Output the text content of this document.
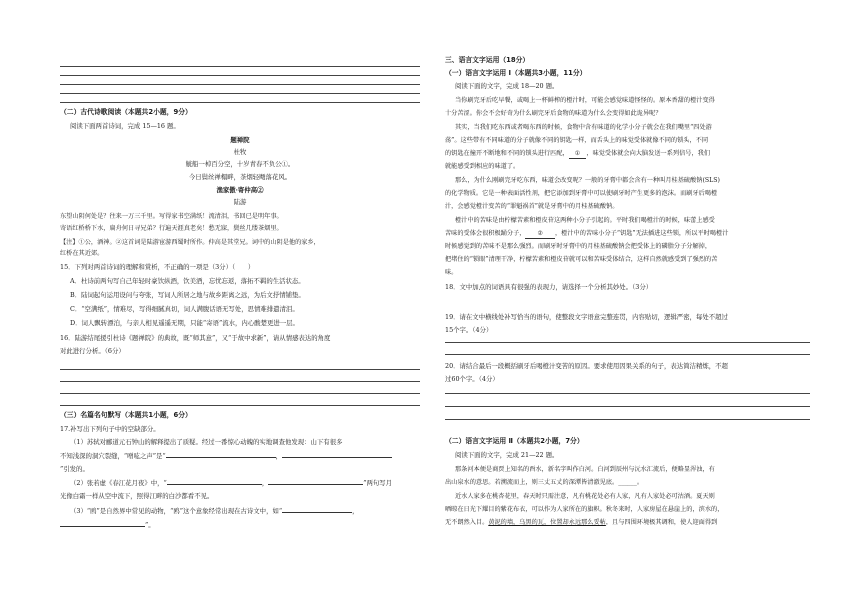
（二）古代诗歌阅读（本题共2小题，9分）
阅读下面两首诗词，完成 15—16 题。
题禅院
杜牧
觥船一棹百分空，十岁青春不负公①。
今日鬓丝禅榻畔，茶烟轻飏落花风。
渔家傲·寄仲高②
陆游
东望山阴何处是？往来一万三千里。写得家书空满纸！流清泪，书回已是明年事。
寄语红桥桥下水，扁舟何日寻兄弟？行遍天涯真老矣！愁无寐，鬓丝几缕茶烟里。
【注】①公，酒神。②这首词是陆游宦游西蜀时所作。仲高是其堂兄。词中的山阴是他的家乡，
红桥在其近郊。
15．下列对两首诗词的理解和赏析，不正确的一项是（3分）（　　）
A．杜诗前两句写自己年轻时豪饮纵酒，饮美酒，忘忧忘返，落拓不羁的生活状态。
B．陆词起句运用设问与夸张，写词人所居之地与故乡距离之远，为后文抒情铺垫。
C．“空满纸”，情难尽，写得细腻真切，词人满腹话语无写处，思情难排遣清泪。
D．词人飘转漂泊，与亲人相见遥遥无期，只能“寄语”流水，内心酸楚更进一层。
16．陆游结尾援引杜诗《题禅院》的典故，既“师其意”，又“于故中求新”，请从情感表达的角度
对此进行分析。（6分）
（三）名篇名句默写（本题共1小题，6分）
17.补写出下列句子中的空缺部分。
（1）苏轼对郦道元石钟山的解释提出了质疑。经过一番惊心动魄的实地调查他发现：山下有很多
不知浅深的洞穴裂缝，“噌吰之声”是“	，
”引发的。
（2）张若虚《春江花月夜》中，“	，	”两句写月
光像白霜一样从空中流下，照得江畔的白沙都看不见。
（3）“鸥”是自然界中常见的动物，“鸥”这个意象经常出现在古诗文中，如“	，
”。
三、语言文字运用（18分）
（一）语言文字运用 Ⅰ（本题共3小题，11分）
阅读下面的文字，完成 18—20 题。
当你刷完牙后吃早餐，或喝上一杯鲜榨的橙汁时，可能会感觉味道怪怪的。原本香甜的橙汁变得
十分苦涩。你会不会好奇为什么刷完牙后食物的味道为什么会变得如此诡异呢？
其实，当我们吃东西或者喝东西的时候，食物中含有味道的化学小分子就会在我们嘴里“四处游
荡”。这些带有不同味道的分子就像不同的钥匙一样，而舌头上的味觉受体就像不同的锁头，不同
的钥匙在撞开不断地和不同的锁头进行匹配， ① ，味觉受体就会向大脑发送一系列信号，我们
就能感受到相应的味道了。
那么，为什么刚刷完牙吃东西，味道会改变呢？一般的牙膏中都会含有一种叫月桂基硫酸钠(SLS)
的化学物质。它是一种表面活性剂，把它添加到牙膏中可以使刷牙时产生更多的泡沫。而刷牙后喝橙
汁，会感觉橙汁变苦的“罪魁祸首”就是牙膏中的月桂基硫酸钠。
橙汁中的苦味是由柠檬苦素和橙皮苷这两种小分子引起的。平时我们喝橙汁的时候，味蕾上感受
苦味的受体会很积极踊分子， ② ，橙汁中的苦味小分子“钥匙”无法插进这些锁，所以平时喝橙汁
时候感觉到的苦味不是那么强烈。而刷牙时牙膏中的月桂基硫酸钠会把受体上的磷脂分子分解掉，
把堵住的“锁眼”清理干净，柠檬苦素和橙皮苷就可以和苦味受体结合，这样自然就感受到了强烈的苦
味。
18．文中加点的词语具有很强的表现力，请选择一个分析其妙处。（3分）
19．请在文中横线处补写恰当的语句，使整段文字语意完整连贯，内容贴切，逻辑严密，每处不超过
15个字。（4分）
20．请结合最后一段概括刷牙后喝橙汁变苦的原因。要求使用因果关系的句子，表达简洁精炼，不超
过60个字。（4分）
（二）语言文字运用 Ⅱ（本题共2小题，7分）
阅读下面的文字，完成 21—22 题。
那条河本便是商贾上知名的酉水，新名字叫作白河。白河到辰州与沅水汇流后，便略显浑浊，有
出山泉水的意思。若溯流而上，则三丈五丈的深潭皆清澈见底。______。
近水人家多在桃杏花里，春天时只需注意，凡有桃花处必有人家，凡有人家处必可沽酒。夏天则
晒晾在日光下耀目的紫花布衣，可以作为人家所在的旗帜。秋冬来时，人家房屋在悬崖上的，滨水的，
无不朗然入目。黄泥的墙，乌黑的瓦，位置却永远那么妥帖，且与四围环境极其调和，使人迎面得到
